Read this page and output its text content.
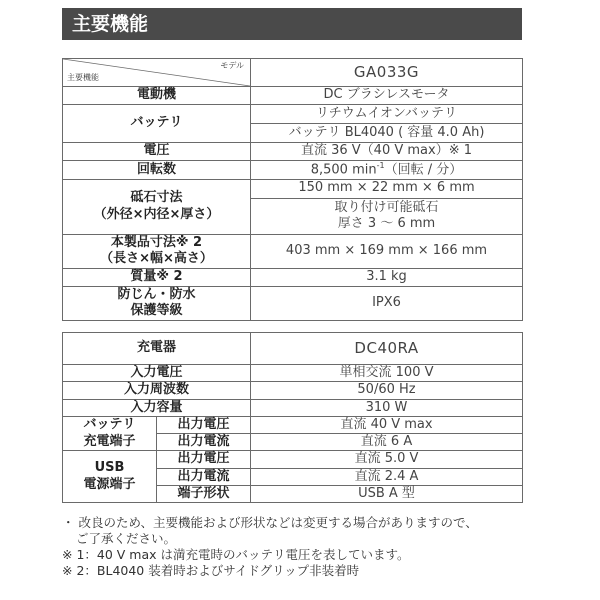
主要機能
モデル
主要機能	GA033G
電動機	DC ブラシレスモータ
バッテリ	リチウムイオンバッテリ
	バッテリ BL4040 ( 容量 4.0 Ah)
電圧	直流 36 V（40 V max）※ 1
回転数	8,500 $\min^{-1}$（回転 / 分）

砥石寸法
（外径×内径×厚さ）	150 mm × 22 mm × 6 mm

	取り付け可能砥石
厚さ 3 ～ 6 mm

本製品寸法※ 2
（長さ×幅×高さ）	403 mm × 169 mm × 166 mm
質量※ 2	3.1 kg

防じん・防水
保護等級	IPX6
充電器		DC40RA
入力電圧		単相交流 100 V
入力周波数		50/60 Hz
入力容量		310 W

バッテリ
充電端子	出力電圧	直流 40 V max
	出力電流	直流 6 A

USB
電源端子	出力電圧	直流 5.0 V
	出力電流	直流 2.4 A
	端子形状	USB A 型

・ 改良のため、主要機能および形状などは変更する場合がありますので、

ご了承ください。

※ 1：40 V max は満充電時のバッテリ電圧を表しています。

※ 2：BL4040 装着時およびサイドグリップ非装着時
